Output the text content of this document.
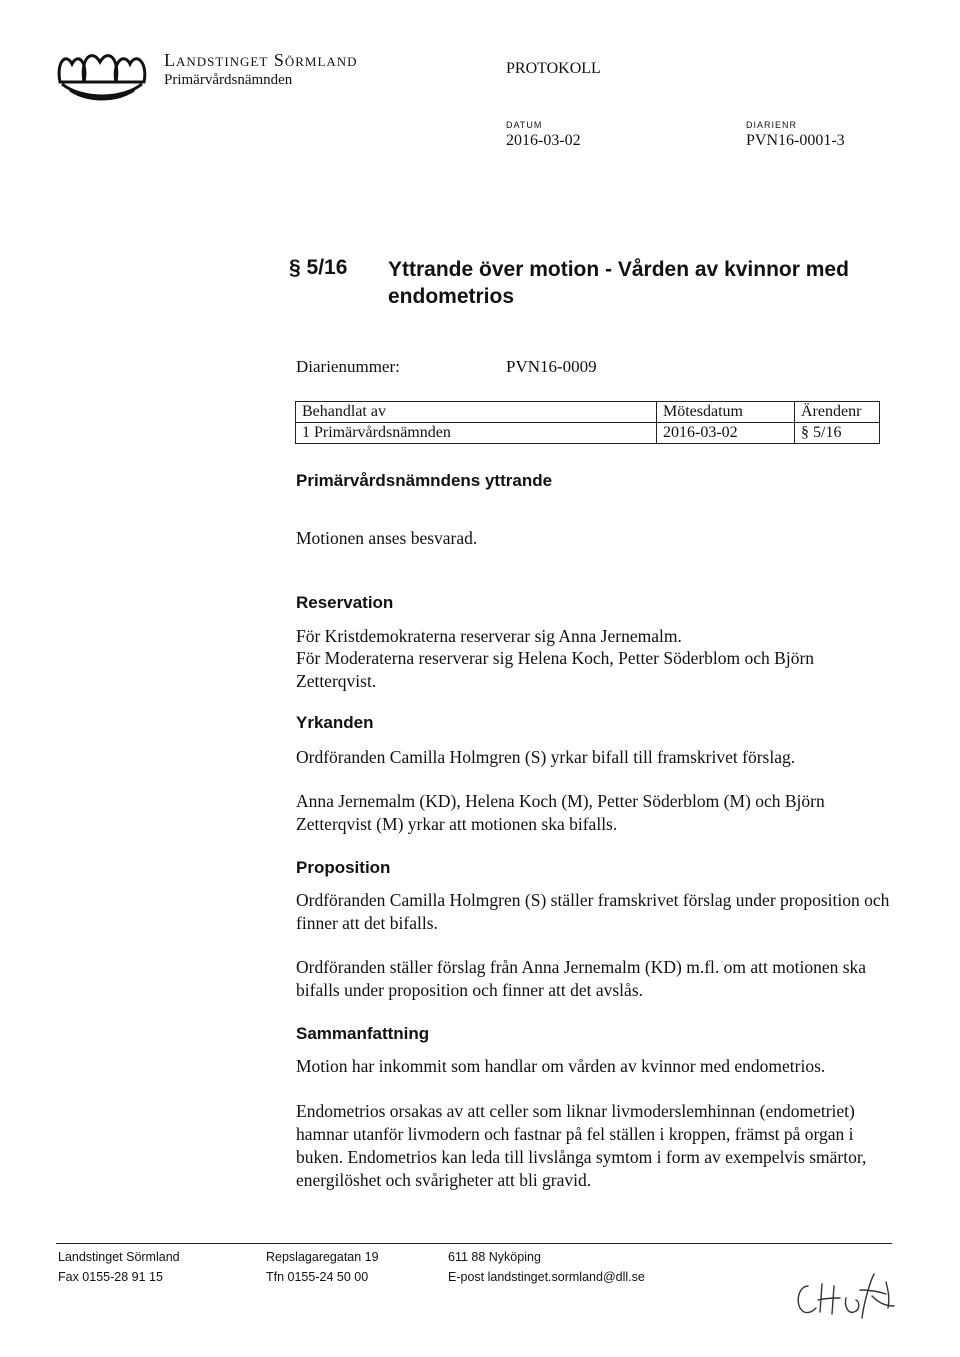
Landstinget Sörmland
Primärvårdsnämnden
PROTOKOLL
DATUM
2016-03-02
DIARIENR
PVN16-0001-3
§ 5/16 Yttrande över motion - Vården av kvinnor med endometrios
Diarienummer:	PVN16-0009
Behandlat av	Mötesdatum	Ärendenr
1 Primärvårdsnämnden	2016-03-02	§ 5/16
Primärvårdsnämndens yttrande

Motionen anses besvarad.

Reservation

För Kristdemokraterna reserverar sig Anna Jernemalm.

För Moderaterna reserverar sig Helena Koch, Petter Söderblom och Björn Zetterqvist.

Yrkanden

Ordföranden Camilla Holmgren (S) yrkar bifall till framskrivet förslag.

Anna Jernemalm (KD), Helena Koch (M), Petter Söderblom (M) och Björn Zetterqvist (M) yrkar att motionen ska bifalls.

Proposition

Ordföranden Camilla Holmgren (S) ställer framskrivet förslag under proposition och finner att det bifalls.

Ordföranden ställer förslag från Anna Jernemalm (KD) m.fl. om att motionen ska bifalls under proposition och finner att det avslås.

Sammanfattning

Motion har inkommit som handlar om vården av kvinnor med endometrios.

Endometrios orsakas av att celler som liknar livmoderslemhinnan (endometriet) hamnar utanför livmodern och fastnar på fel ställen i kroppen, främst på organ i buken. Endometrios kan leda till livslånga symtom i form av exempelvis smärtor, energilöshet och svårigheter att bli gravid.

Landstinget Sörmland
Fax 0155-28 91 15
Repslagaregatan 19
Tfn 0155-24 50 00
611 88 Nyköping
E-post landstinget.sormland@dll.se
